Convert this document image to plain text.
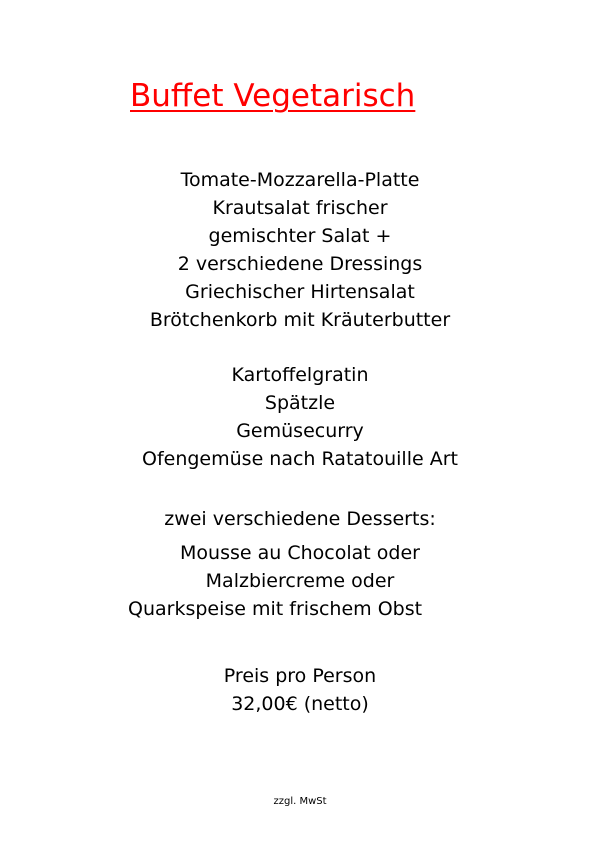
Buffet Vegetarisch
Tomate-Mozzarella-Platte
Krautsalat frischer
gemischter Salat +
2 verschiedene Dressings
Griechischer Hirtensalat
Brötchenkorb mit Kräuterbutter
Kartoffelgratin
Spätzle
Gemüsecurry
Ofengemüse nach Ratatouille Art
zwei verschiedene Desserts:
Mousse au Chocolat oder
Malzbiercreme oder
Quarkspeise mit frischem Obst
Preis pro Person
32,00€ (netto)
zzgl. MwSt
